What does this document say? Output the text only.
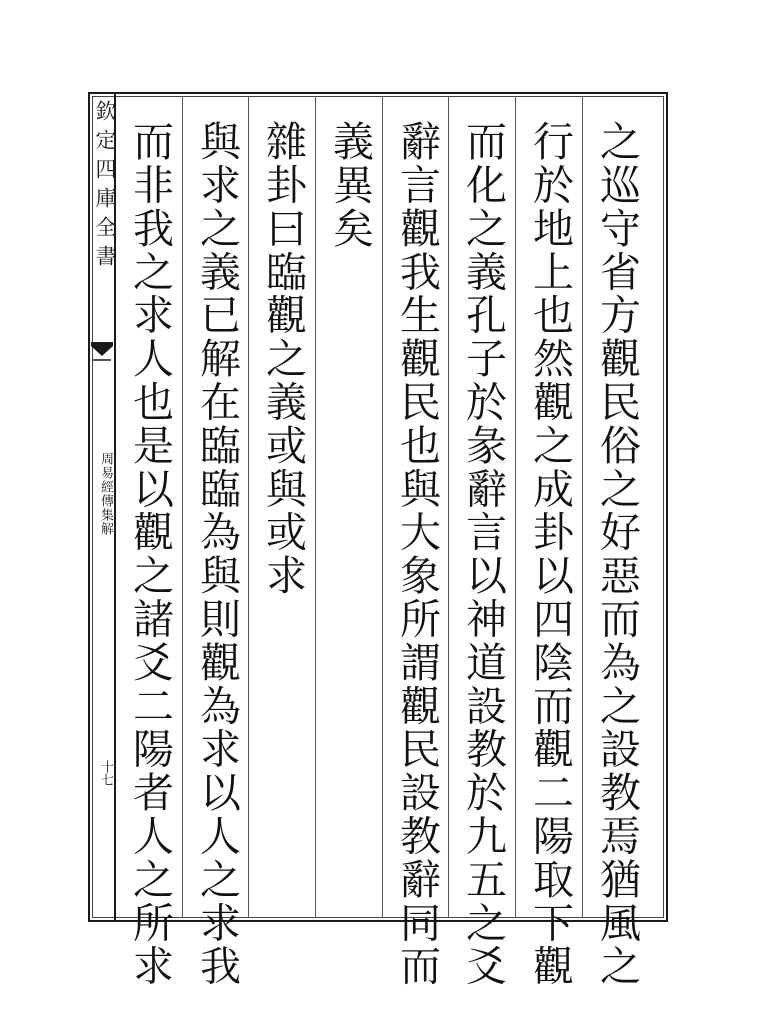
欽定四庫全書
周易經傳集解
十七	之巡守省方觀民俗之好惡而為之設教焉猶風之
行於地上也然觀之成卦以四陰而觀二陽取下觀
而化之義孔子於彖辭言以神道設教於九五之爻
辭言觀我生觀民也與大象所謂觀民設教辭同而
義異矣
雜卦曰臨觀之義或與或求
與求之義已解在臨臨為與則觀為求以人之求我
而非我之求人也是以觀之諸爻二陽者人之所求
